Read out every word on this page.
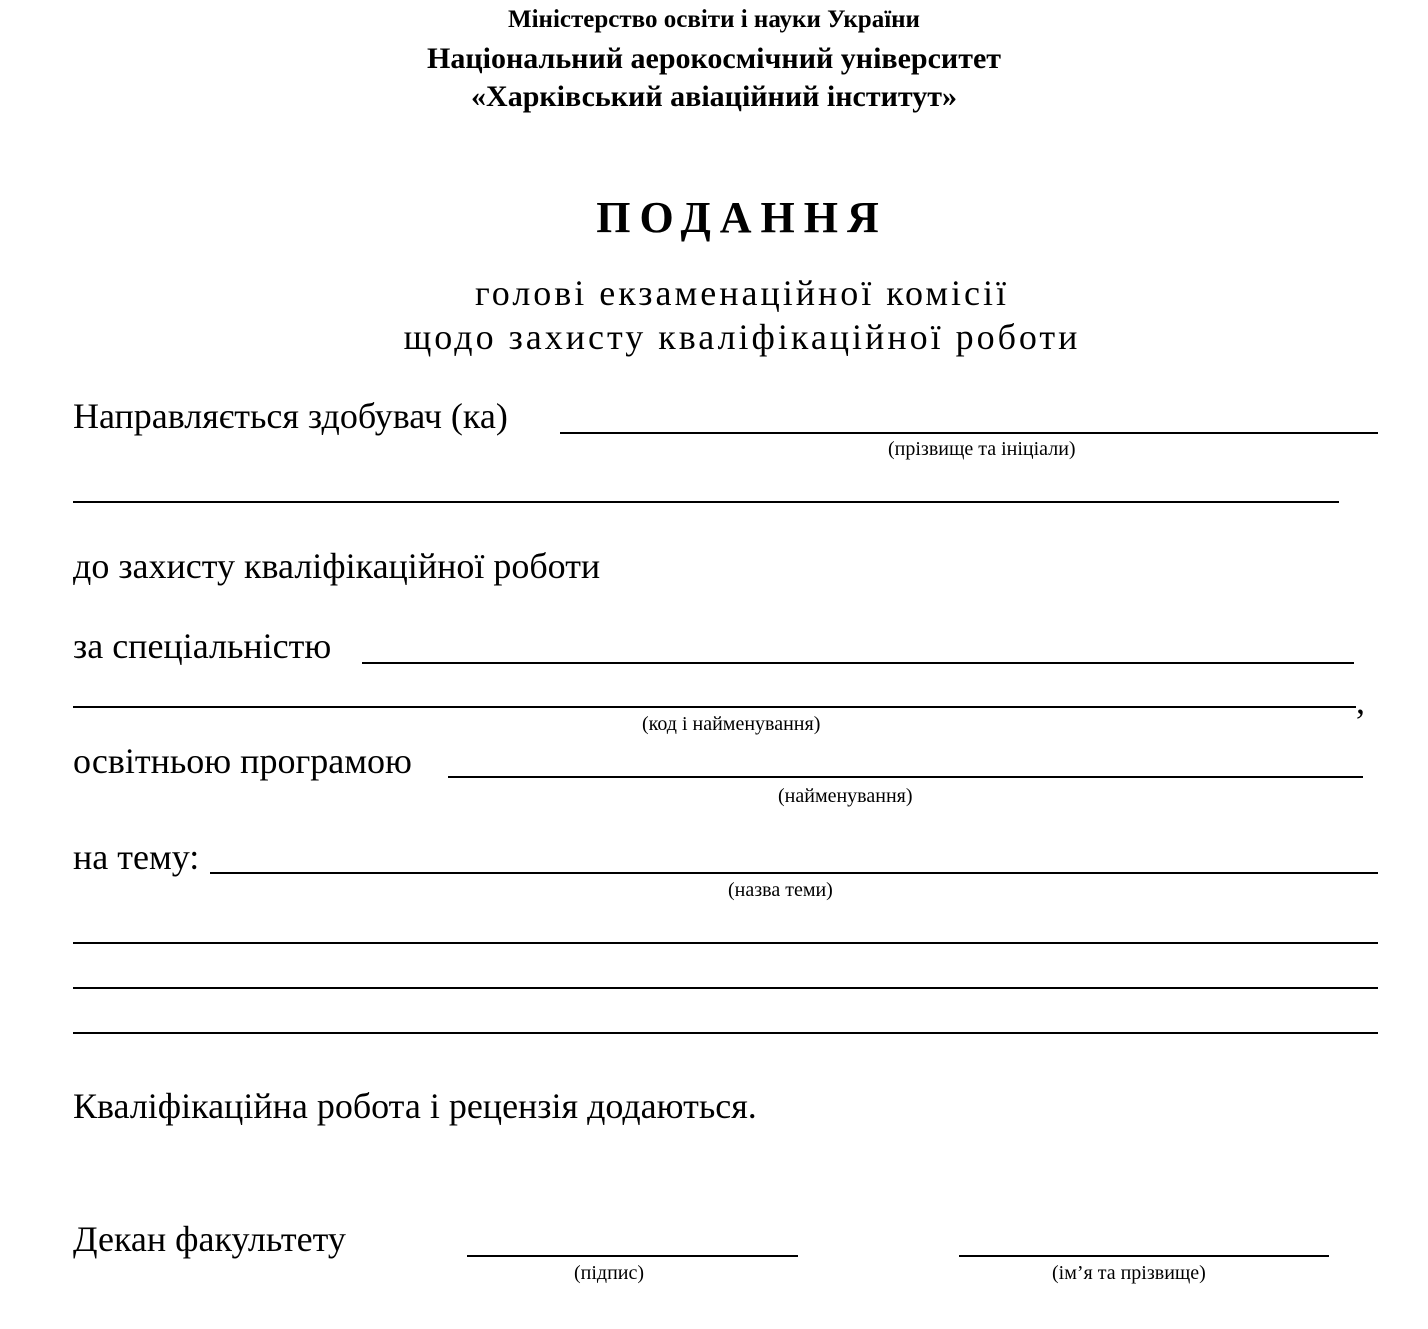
Міністерство освіти і науки України
Національний аерокосмічний університет
«Харківський авіаційний інститут»
ПОДАННЯ
голові екзаменаційної комісії
щодо захисту кваліфікаційної роботи
Направляється здобувач (ка)
(прізвище та ініціали)
до захисту кваліфікаційної роботи
за спеціальністю
,
(код і найменування)
освітньою програмою
(найменування)
на тему:
(назва теми)
Кваліфікаційна робота і рецензія додаються.
Декан факультету
(підпис)	(ім’я та прізвище)
